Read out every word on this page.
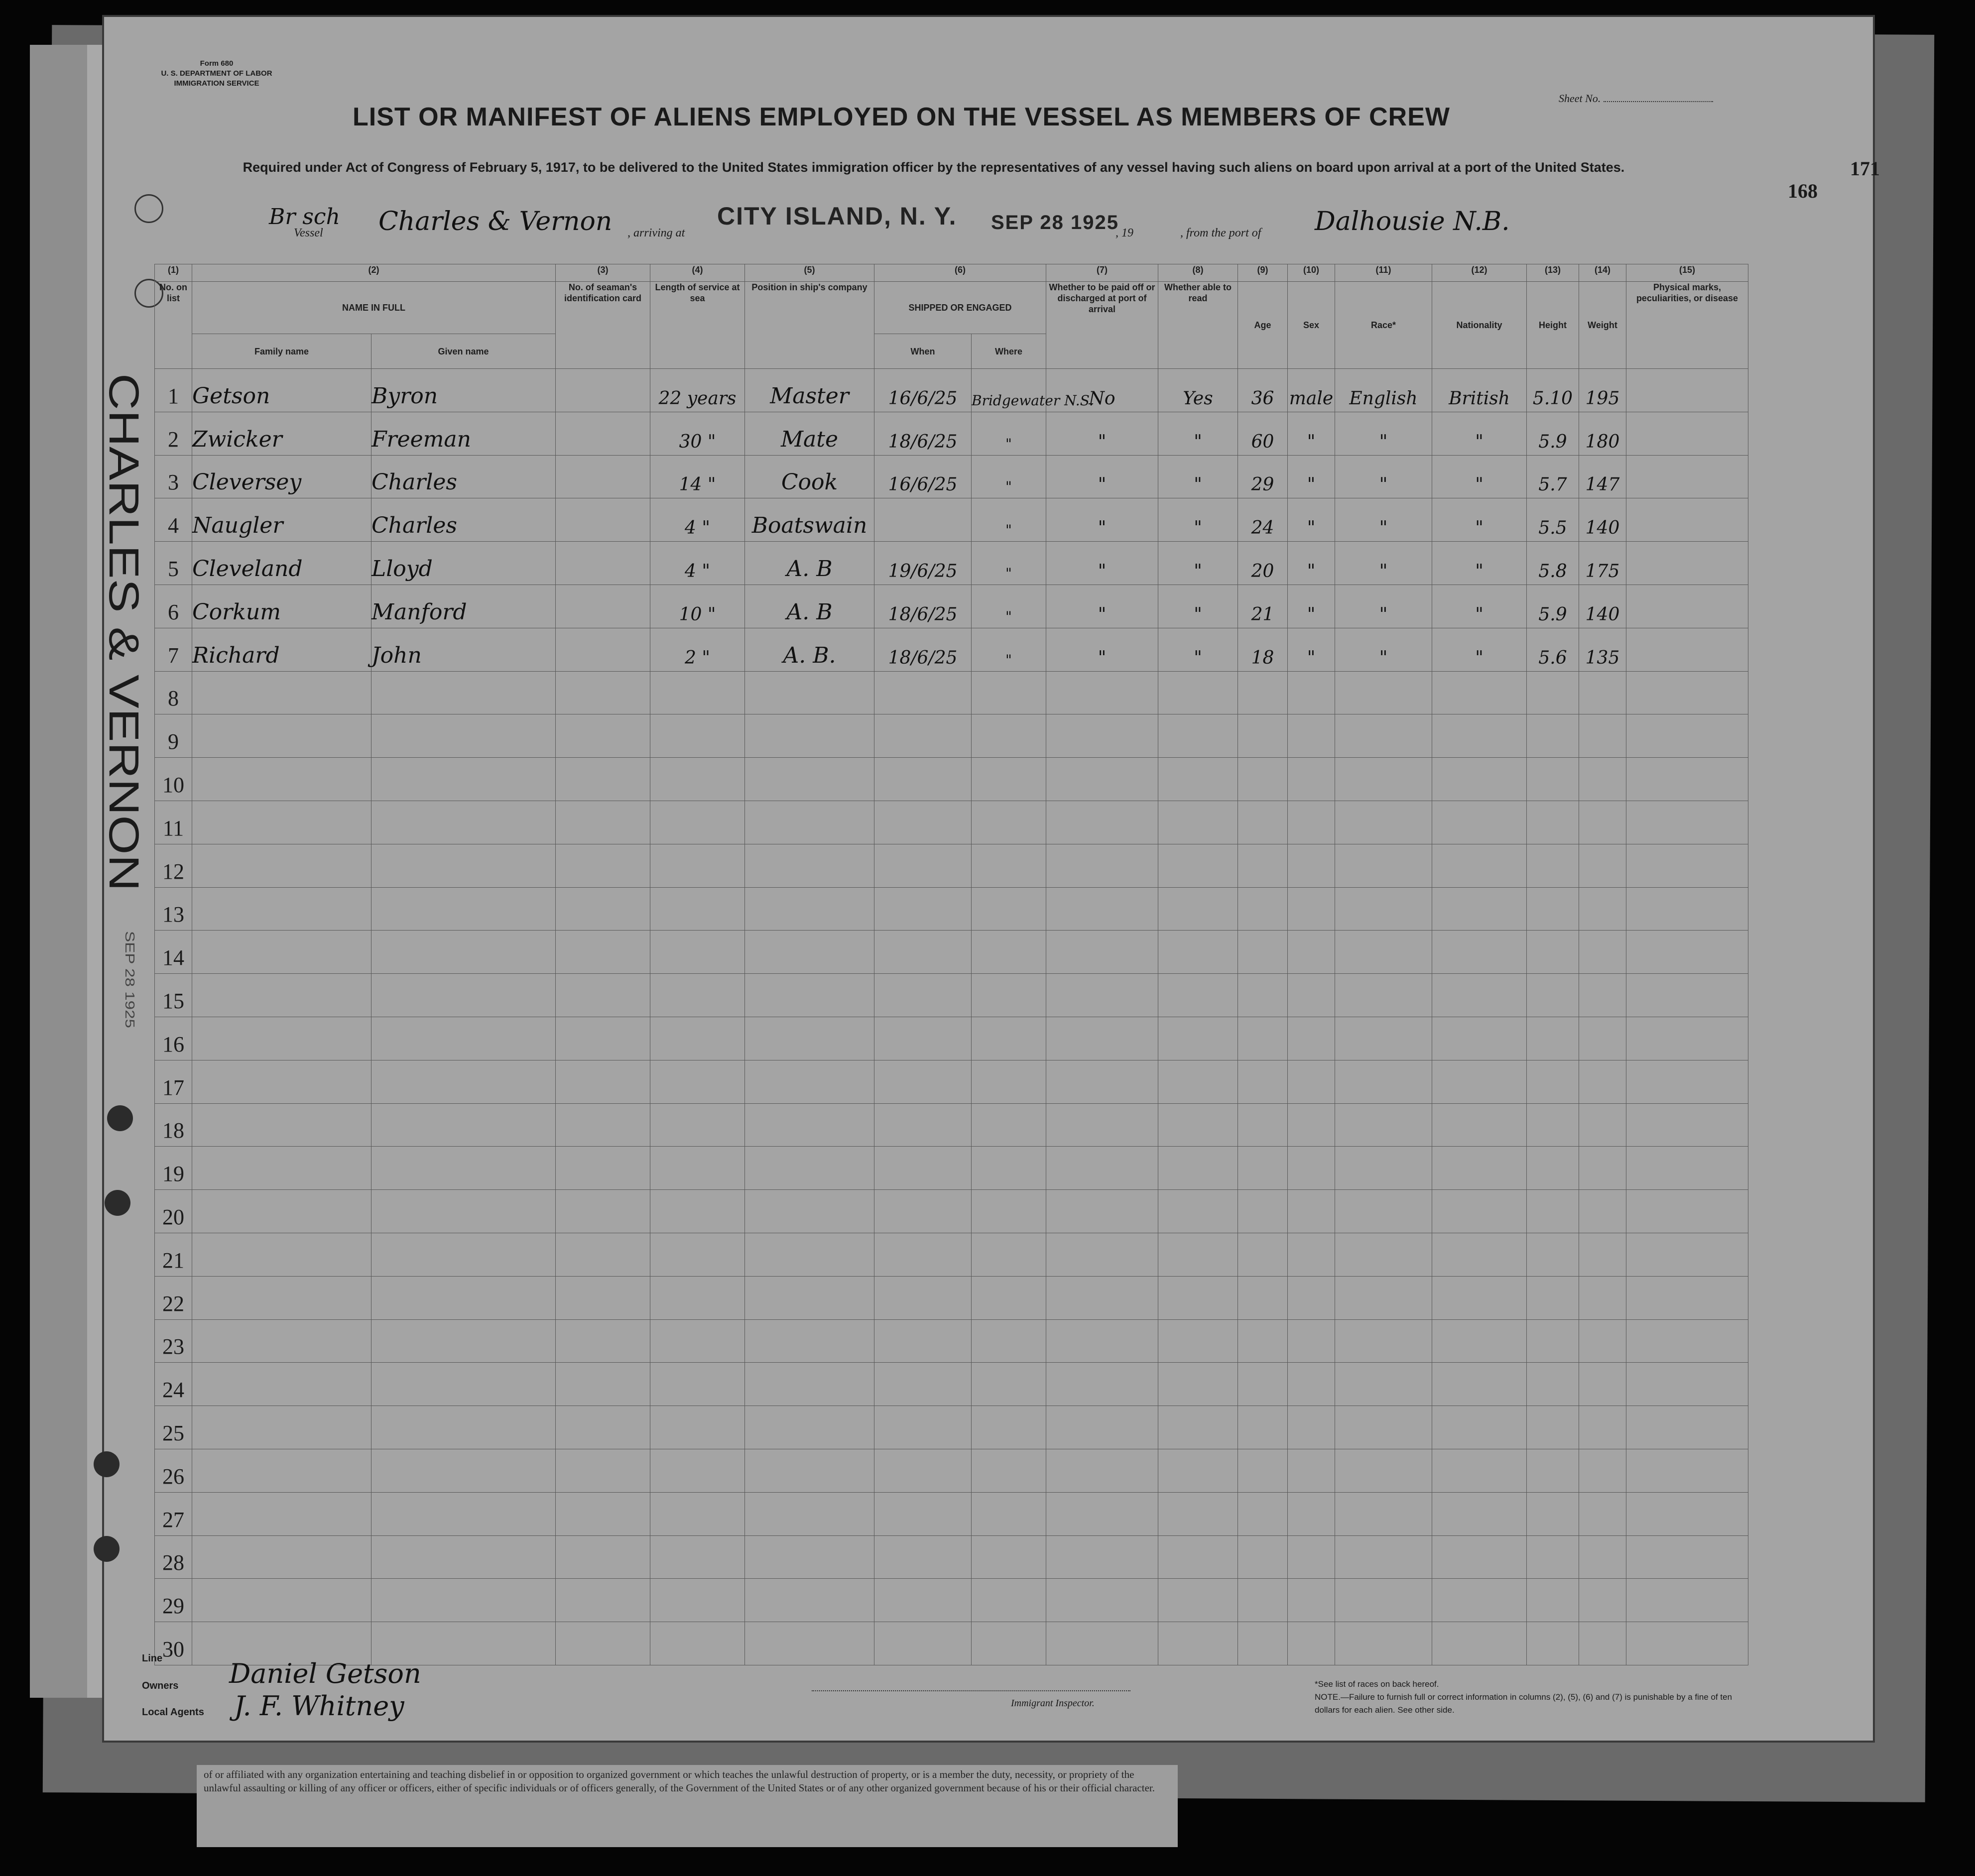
Form 680
U. S. DEPARTMENT OF LABOR
IMMIGRATION SERVICE
LIST OR MANIFEST OF ALIENS EMPLOYED ON THE VESSEL AS MEMBERS OF CREW
Required under Act of Congress of February 5, 1917, to be delivered to the United States immigration officer by the representatives of any vessel having such aliens on board upon arrival at a port of the United States.
Sheet No.
168
171
Br sch
Vessel Charles & Vernon , arriving at
CITY ISLAND, N. Y. SEP 28 1925
, 19	, from the port of Dalhousie N.B.
CHARLES & VERNON
SEP 28 1925
(1)	(2)		(3)	(4)	(5)	(6)		(7)	(8)	(9)	(10)	(11)	(12)	(13)	(14)	(15)
No. on list	NAME IN FULL		No. of seaman's identification card	Length of service at sea	Position in ship's company	SHIPPED OR ENGAGED		Whether to be paid off or discharged at port of arrival	Whether able to read	Age	Sex	Race*	Nationality	Height	Weight	Physical marks, peculiarities, or disease
	Family name	Given name				When	Where									
1	Getson	Byron		22 years	Master	16/6/25	Bridgewater N.S.	No	Yes	36	male	English	British	5.10	195	
2	Zwicker	Freeman		30 "	Mate	18/6/25	"	"	"	60	"	"	"	5.9	180	
3	Cleversey	Charles		14 "	Cook	16/6/25	"	"	"	29	"	"	"	5.7	147	
4	Naugler	Charles		4 "	Boatswain		"	"	"	24	"	"	"	5.5	140	
5	Cleveland	Lloyd		4 "	A. B	19/6/25	"	"	"	20	"	"	"	5.8	175	
6	Corkum	Manford		10 "	A. B	18/6/25	"	"	"	21	"	"	"	5.9	140	
7	Richard	John		2 "	A. B.	18/6/25	"	"	"	18	"	"	"	5.6	135	
8																
9																
10																
11																
12																
13																
14																
15																
16																
17																
18																
19																
20																
21																
22																
23																
24																
25																
26																
27																
28																
29																
30																
Line
Owners Daniel Getson
Local Agents J. F. Whitney	Immigrant Inspector.
*See list of races on back hereof.
NOTE.—Failure to furnish full or correct information in columns (2), (5), (6) and (7) is punishable by a fine of ten dollars for each alien. See other side.
of or affiliated with any organization entertaining and teaching disbelief in or opposition to organized government or which teaches the unlawful destruction of property, or is a member the duty, necessity, or propriety of the unlawful assaulting or killing of any officer or officers, either of specific individuals or of officers generally, of the Government of the United States or of any other organized government because of his or their official character.
